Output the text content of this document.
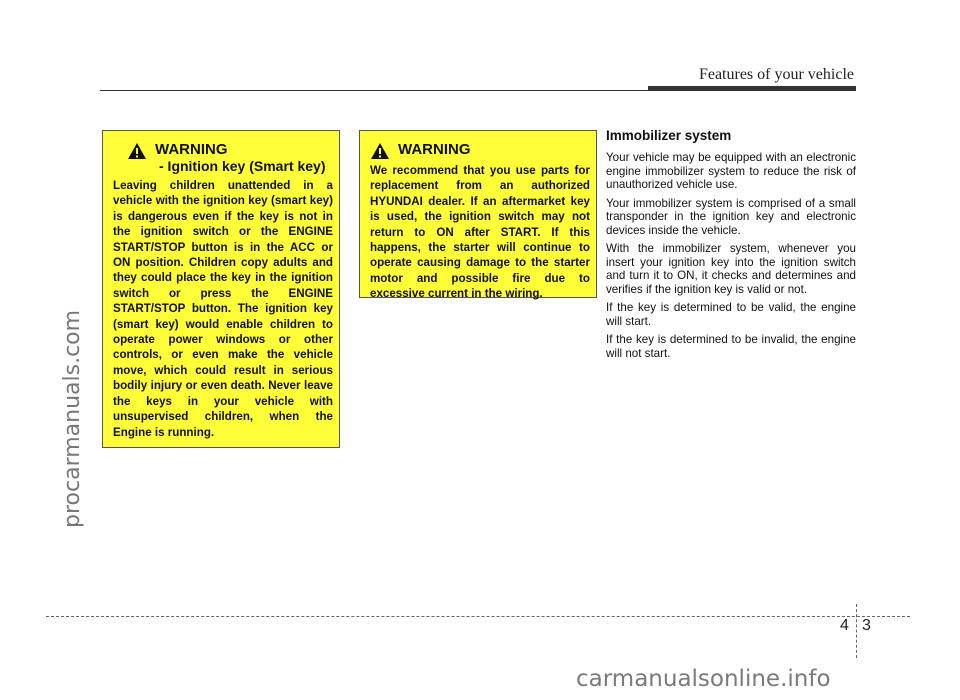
Features of your vehicle
procarmanuals.com
WARNING
- Ignition key (Smart key)
Leaving children unattended in a vehicle with the ignition key (smart key) is dangerous even if the key is not in the ignition switch or the ENGINE START/STOP button is in the ACC or ON position. Children copy adults and they could place the key in the ignition switch or press the ENGINE START/STOP button. The ignition key (smart key) would enable children to operate power windows or other controls, or even make the vehicle move, which could result in serious bodily injury or even death. Never leave the keys in your vehicle with unsupervised children, when the Engine is running.
WARNING
We recommend that you use parts for replacement from an authorized HYUNDAI dealer. If an aftermarket key is used, the ignition switch may not return to ON after START. If this happens, the starter will continue to operate causing damage to the starter motor and possible fire due to excessive current in the wiring.
Immobilizer system

Your vehicle may be equipped with an electronic engine immobilizer system to reduce the risk of unauthorized vehicle use.

Your immobilizer system is comprised of a small transponder in the ignition key and electronic devices inside the vehicle.

With the immobilizer system, whenever you insert your ignition key into the ignition switch and turn it to ON, it checks and determines and verifies if the ignition key is valid or not.

If the key is determined to be valid, the engine will start.

If the key is determined to be invalid, the engine will not start.

4 3
carmanualsonline.info
